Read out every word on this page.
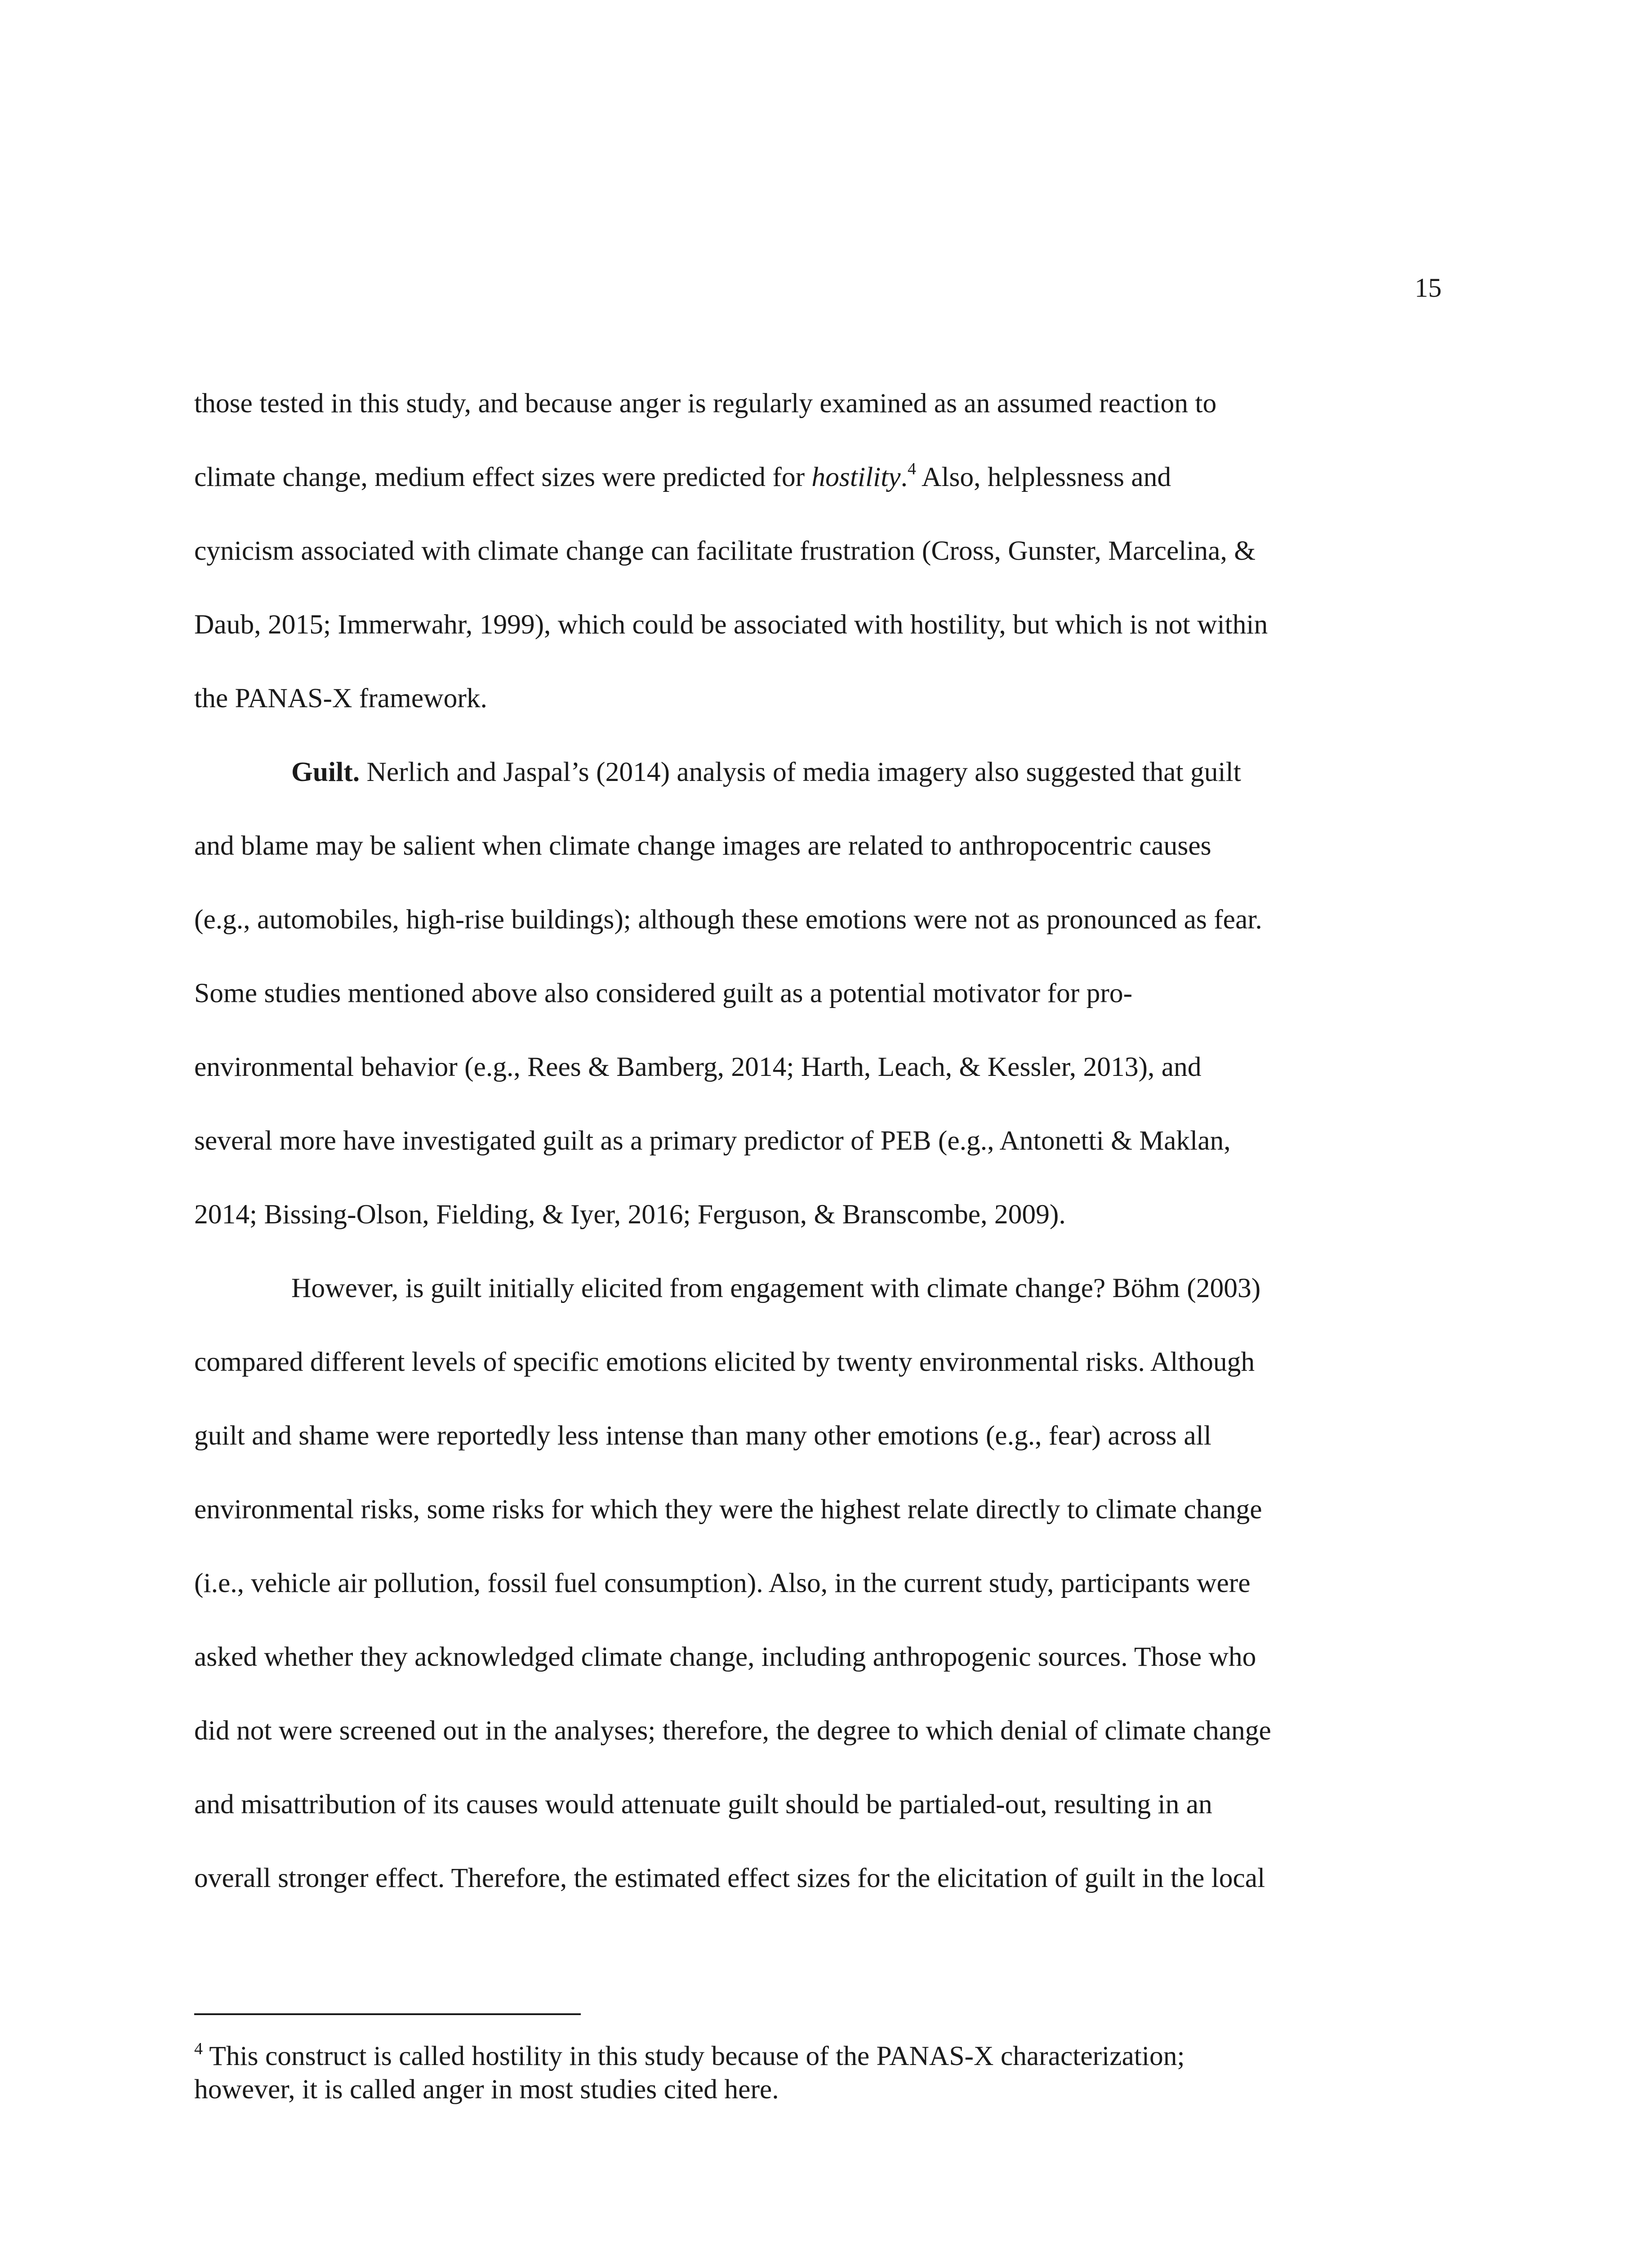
15
those tested in this study, and because anger is regularly examined as an assumed reaction to
climate change, medium effect sizes were predicted for hostility.$^4$ Also, helplessness and
cynicism associated with climate change can facilitate frustration (Cross, Gunster, Marcelina, &
Daub, 2015; Immerwahr, 1999), which could be associated with hostility, but which is not within
the PANAS-X framework.
Guilt. Nerlich and Jaspal’s (2014) analysis of media imagery also suggested that guilt
and blame may be salient when climate change images are related to anthropocentric causes
(e.g., automobiles, high-rise buildings); although these emotions were not as pronounced as fear.
Some studies mentioned above also considered guilt as a potential motivator for pro-
environmental behavior (e.g., Rees & Bamberg, 2014; Harth, Leach, & Kessler, 2013), and
several more have investigated guilt as a primary predictor of PEB (e.g., Antonetti & Maklan,
2014; Bissing-Olson, Fielding, & Iyer, 2016; Ferguson, & Branscombe, 2009).
However, is guilt initially elicited from engagement with climate change? Böhm (2003)
compared different levels of specific emotions elicited by twenty environmental risks. Although
guilt and shame were reportedly less intense than many other emotions (e.g., fear) across all
environmental risks, some risks for which they were the highest relate directly to climate change
(i.e., vehicle air pollution, fossil fuel consumption). Also, in the current study, participants were
asked whether they acknowledged climate change, including anthropogenic sources. Those who
did not were screened out in the analyses; therefore, the degree to which denial of climate change
and misattribution of its causes would attenuate guilt should be partialed-out, resulting in an
overall stronger effect. Therefore, the estimated effect sizes for the elicitation of guilt in the local
$^4$ This construct is called hostility in this study because of the PANAS-X characterization;
however, it is called anger in most studies cited here.
